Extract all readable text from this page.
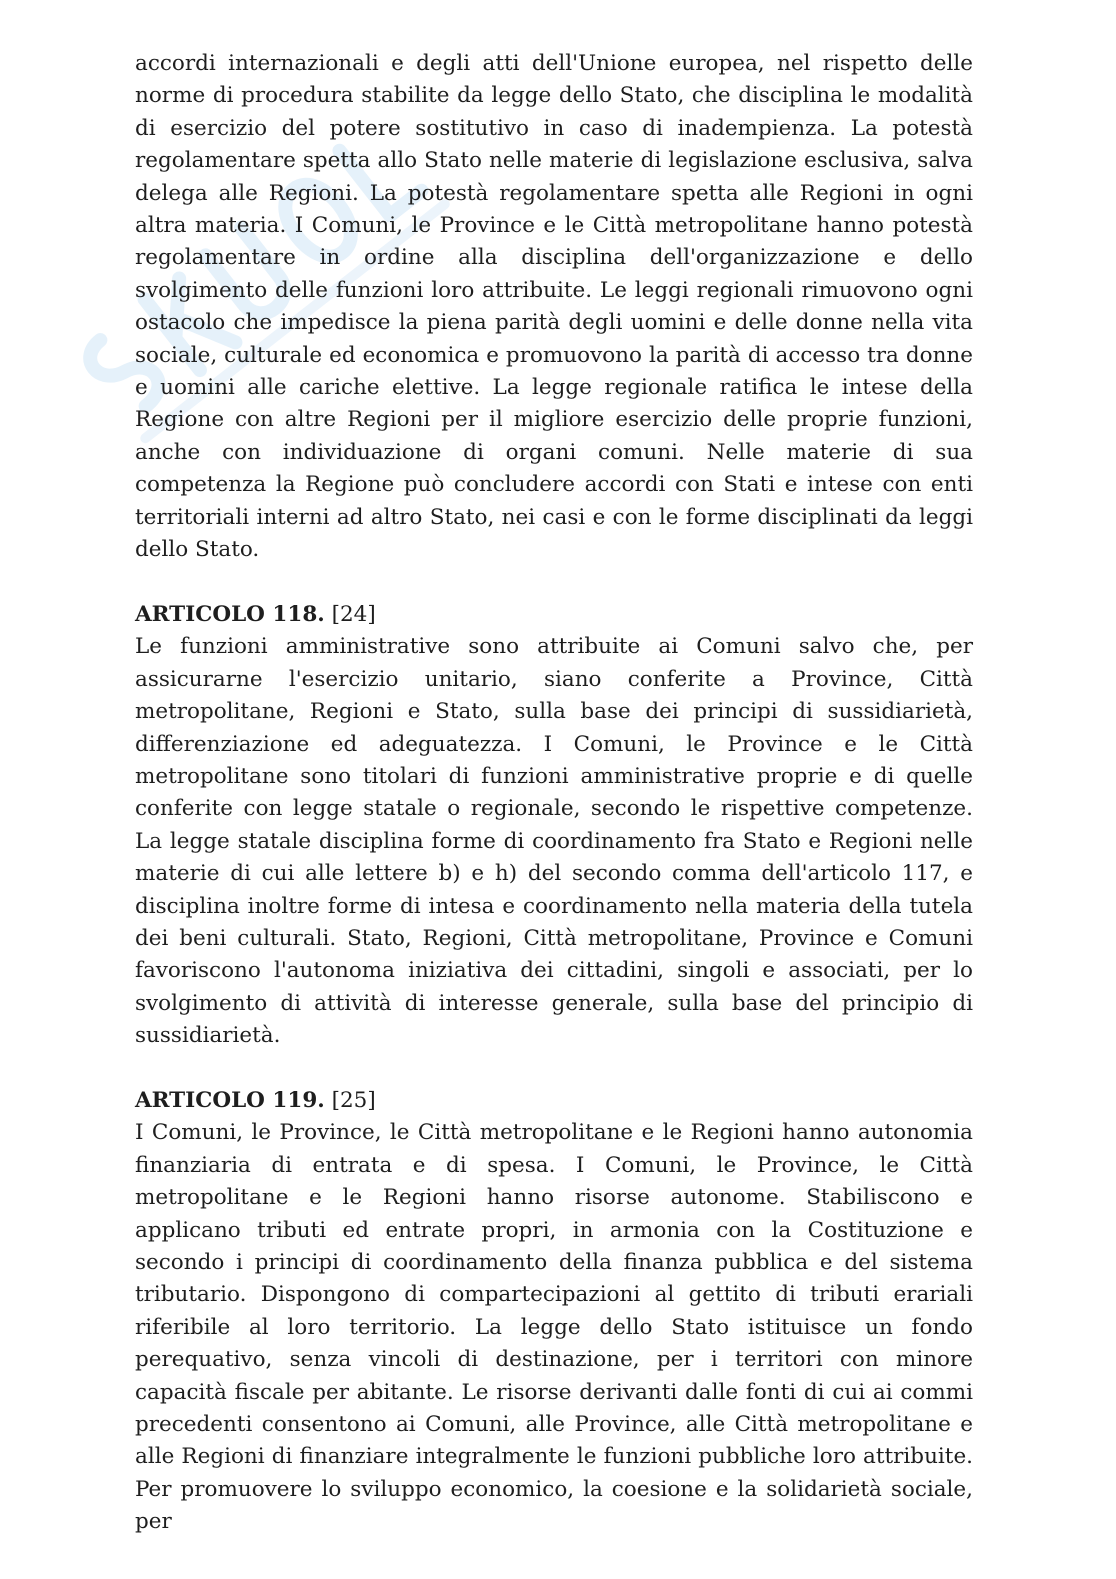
accordi internazionali e degli atti dell'Unione europea, nel rispetto delle norme di procedura stabilite da legge dello Stato, che disciplina le modalità di esercizio del potere sostitutivo in caso di inadempienza. La potestà regolamentare spetta allo Stato nelle materie di legislazione esclusiva, salva delega alle Regioni. La potestà regolamentare spetta alle Regioni in ogni altra materia. I Comuni, le Province e le Città metropolitane hanno potestà regolamentare in ordine alla disciplina dell'organizzazione e dello svolgimento delle funzioni loro attribuite. Le leggi regionali rimuovono ogni ostacolo che impedisce la piena parità degli uomini e delle donne nella vita sociale, culturale ed economica e promuovono la parità di accesso tra donne e uomini alle cariche elettive. La legge regionale ratifica le intese della Regione con altre Regioni per il migliore esercizio delle proprie funzioni, anche con individuazione di organi comuni. Nelle materie di sua competenza la Regione può concludere accordi con Stati e intese con enti territoriali interni ad altro Stato, nei casi e con le forme disciplinati da leggi dello Stato.

ARTICOLO 118. [24]

Le funzioni amministrative sono attribuite ai Comuni salvo che, per assicurarne l'esercizio unitario, siano conferite a Province, Città metropolitane, Regioni e Stato, sulla base dei principi di sussidiarietà, differenziazione ed adeguatezza. I Comuni, le Province e le Città metropolitane sono titolari di funzioni amministrative proprie e di quelle conferite con legge statale o regionale, secondo le rispettive competenze. La legge statale disciplina forme di coordinamento fra Stato e Regioni nelle materie di cui alle lettere b) e h) del secondo comma dell'articolo 117, e disciplina inoltre forme di intesa e coordinamento nella materia della tutela dei beni culturali. Stato, Regioni, Città metropolitane, Province e Comuni favoriscono l'autonoma iniziativa dei cittadini, singoli e associati, per lo svolgimento di attività di interesse generale, sulla base del principio di sussidiarietà.

ARTICOLO 119. [25]

I Comuni, le Province, le Città metropolitane e le Regioni hanno autonomia finanziaria di entrata e di spesa. I Comuni, le Province, le Città metropolitane e le Regioni hanno risorse autonome. Stabiliscono e applicano tributi ed entrate propri, in armonia con la Costituzione e secondo i principi di coordinamento della finanza pubblica e del sistema tributario. Dispongono di compartecipazioni al gettito di tributi erariali riferibile al loro territorio. La legge dello Stato istituisce un fondo perequativo, senza vincoli di destinazione, per i territori con minore capacità fiscale per abitante. Le risorse derivanti dalle fonti di cui ai commi precedenti consentono ai Comuni, alle Province, alle Città metropolitane e alle Regioni di finanziare integralmente le funzioni pubbliche loro attribuite. Per promuovere lo sviluppo economico, la coesione e la solidarietà sociale, per
